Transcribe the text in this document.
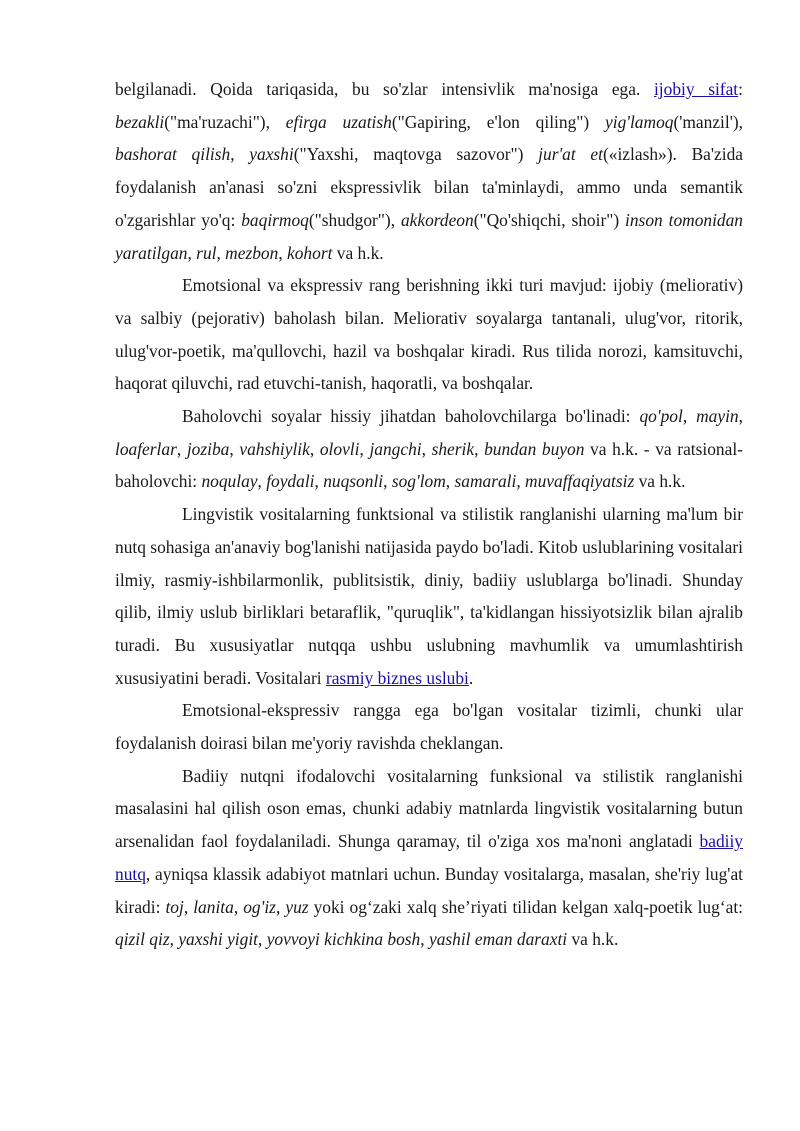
belgilanadi. Qoida tariqasida, bu so'zlar intensivlik ma'nosiga ega. ijobiy sifat: bezakli("ma'ruzachi"), efirga uzatish("Gapiring, e'lon qiling") yig'lamoq('manzil'), bashorat qilish, yaxshi("Yaxshi, maqtovga sazovor") jur'at et(«izlash»). Ba'zida foydalanish an'anasi so'zni ekspressivlik bilan ta'minlaydi, ammo unda semantik o'zgarishlar yo'q: baqirmoq("shudgor"), akkordeon("Qo'shiqchi, shoir") inson tomonidan yaratilgan, rul, mezbon, kohort va h.k.

Emotsional va ekspressiv rang berishning ikki turi mavjud: ijobiy (meliorativ) va salbiy (pejorativ) baholash bilan. Meliorativ soyalarga tantanali, ulug'vor, ritorik, ulug'vor-poetik, ma'qullovchi, hazil va boshqalar kiradi. Rus tilida norozi, kamsituvchi, haqorat qiluvchi, rad etuvchi-tanish, haqoratli, va boshqalar.

Baholovchi soyalar hissiy jihatdan baholovchilarga bo'linadi: qo'pol, mayin, loaferlar, joziba, vahshiylik, olovli, jangchi, sherik, bundan buyon va h.k. - va ratsional-baholovchi: noqulay, foydali, nuqsonli, sog'lom, samarali, muvaffaqiyatsiz va h.k.

Lingvistik vositalarning funktsional va stilistik ranglanishi ularning ma'lum bir nutq sohasiga an'anaviy bog'lanishi natijasida paydo bo'ladi. Kitob uslublarining vositalari ilmiy, rasmiy-ishbilarmonlik, publitsistik, diniy, badiiy uslublarga bo'linadi. Shunday qilib, ilmiy uslub birliklari betaraflik, "quruqlik", ta'kidlangan hissiyotsizlik bilan ajralib turadi. Bu xususiyatlar nutqqa ushbu uslubning mavhumlik va umumlashtirish xususiyatini beradi. Vositalari rasmiy biznes uslubi.

Emotsional-ekspressiv rangga ega bo'lgan vositalar tizimli, chunki ular foydalanish doirasi bilan me'yoriy ravishda cheklangan.

Badiiy nutqni ifodalovchi vositalarning funksional va stilistik ranglanishi masalasini hal qilish oson emas, chunki adabiy matnlarda lingvistik vositalarning butun arsenalidan faol foydalaniladi. Shunga qaramay, til o'ziga xos ma'noni anglatadi badiiy nutq, ayniqsa klassik adabiyot matnlari uchun. Bunday vositalarga, masalan, she'riy lug'at kiradi: toj, lanita, og'iz, yuz yoki og‘zaki xalq she’riyati tilidan kelgan xalq-poetik lug‘at: qizil qiz, yaxshi yigit, yovvoyi kichkina bosh, yashil eman daraxti va h.k.
